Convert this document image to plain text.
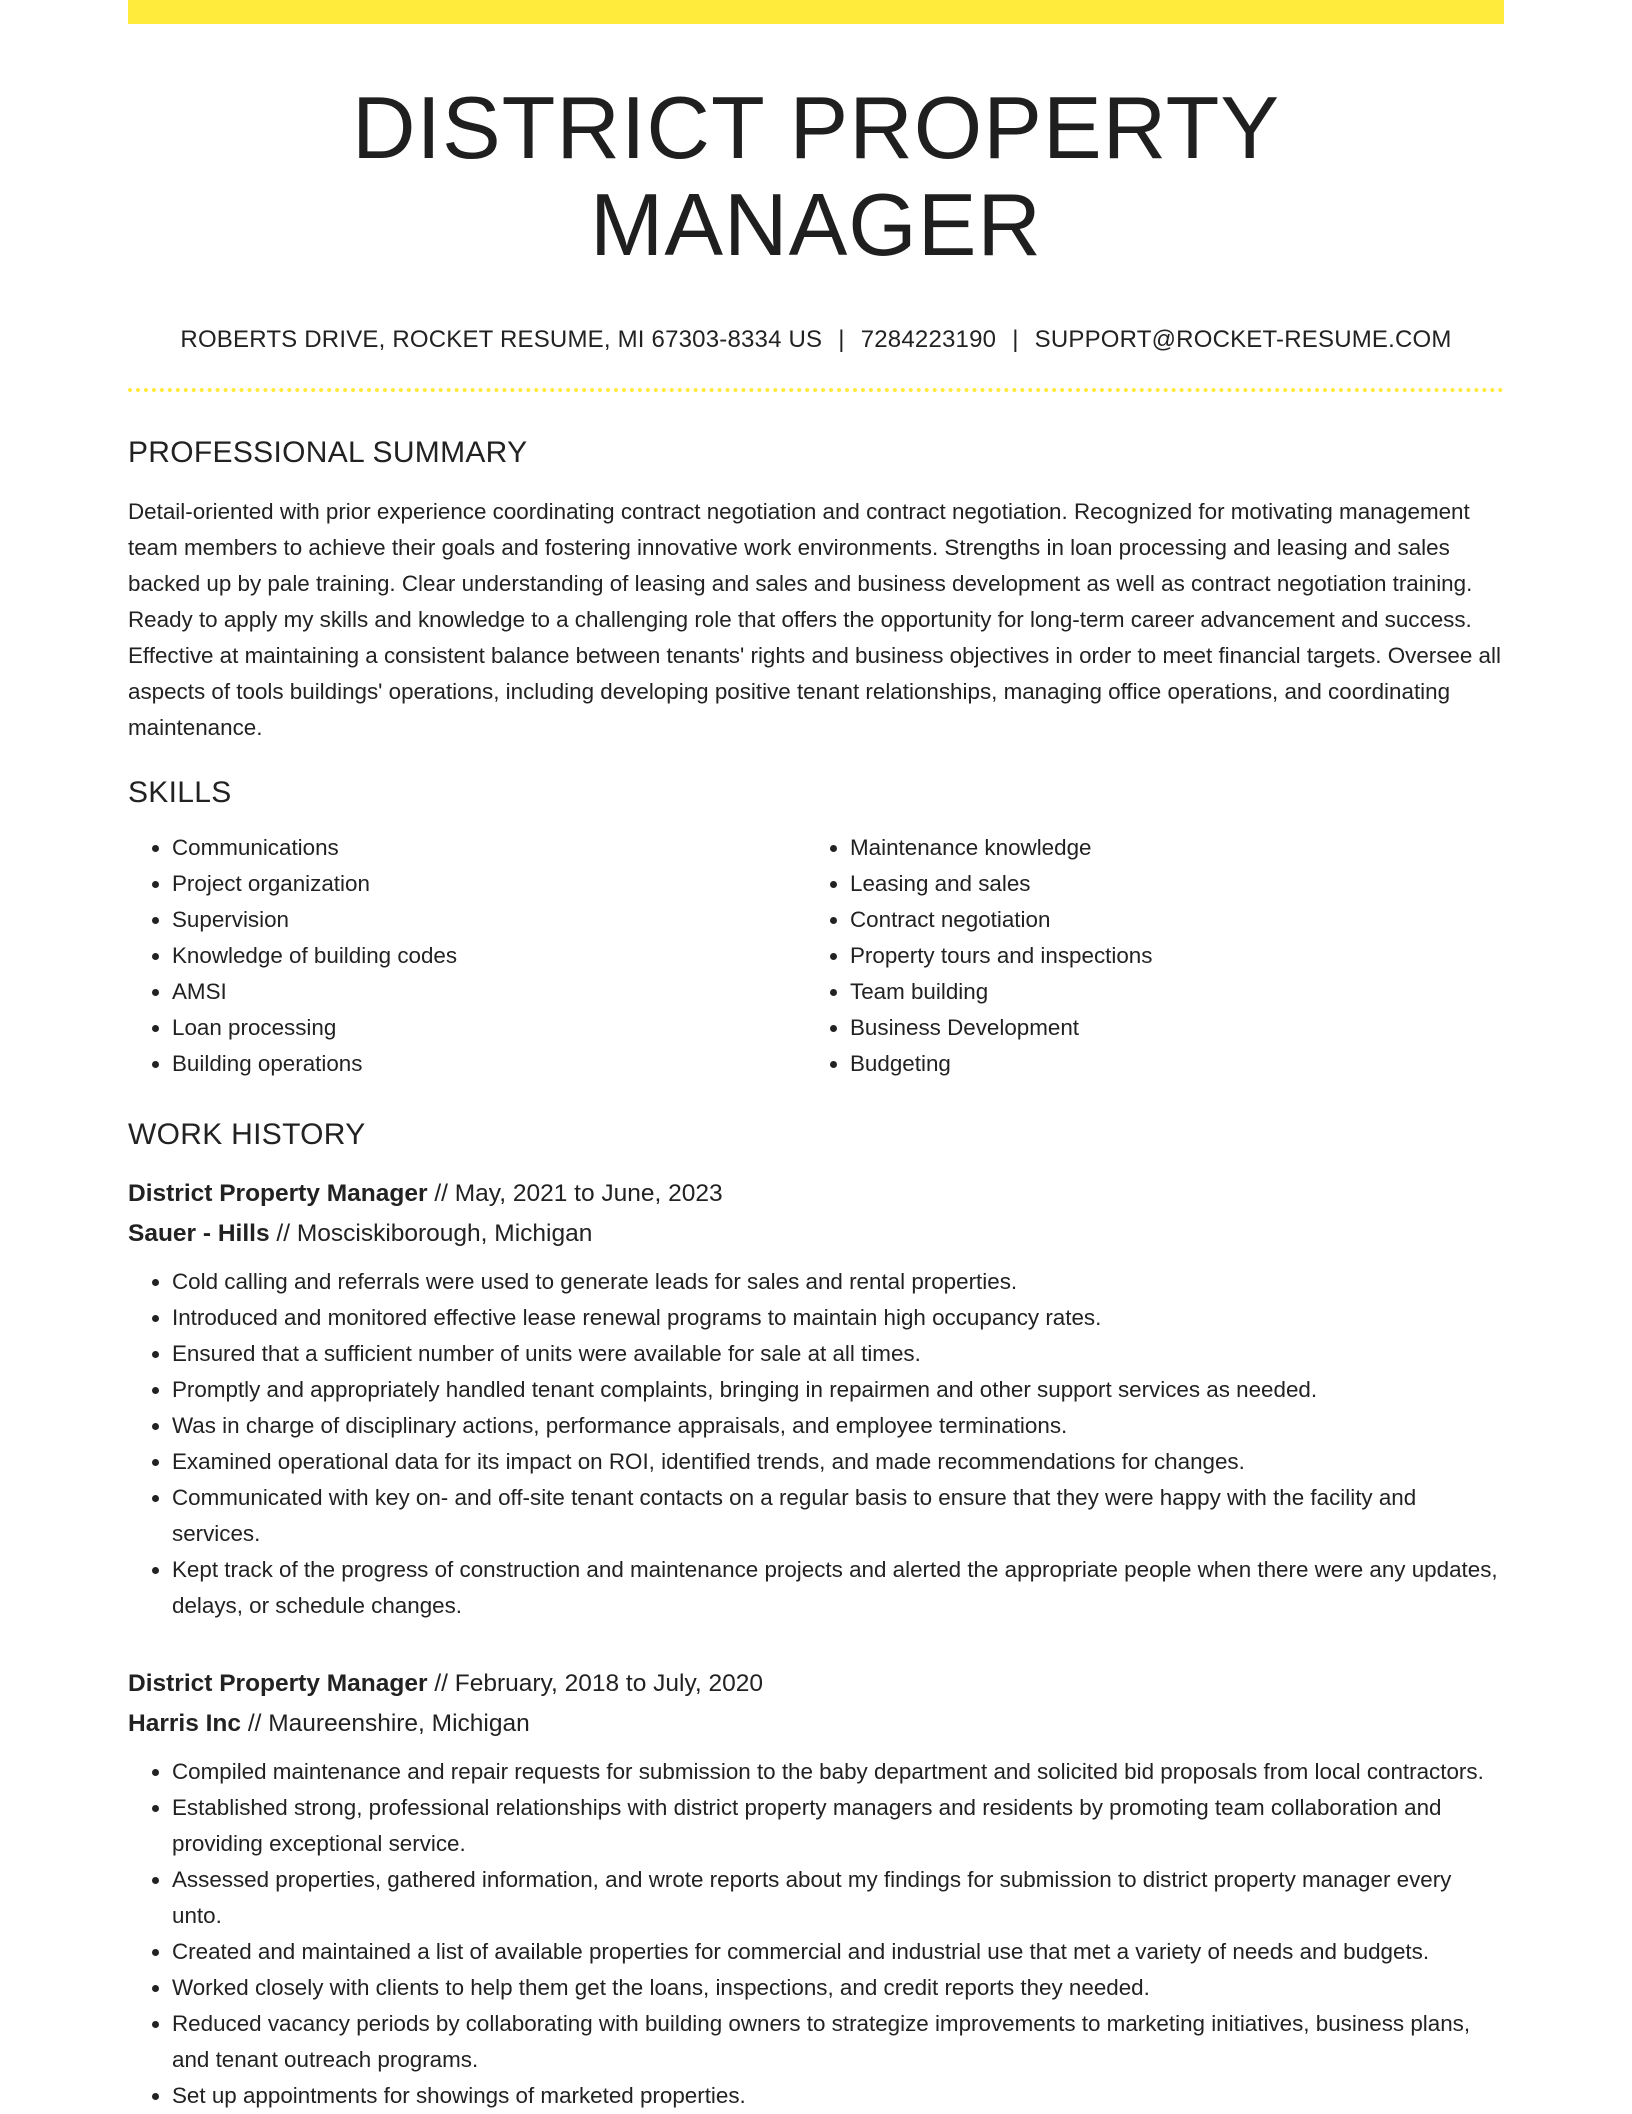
DISTRICT PROPERTY MANAGER
ROBERTS DRIVE, ROCKET RESUME, MI 67303-8334 US | 7284223190 | SUPPORT@ROCKET-RESUME.COM
PROFESSIONAL SUMMARY

Detail-oriented with prior experience coordinating contract negotiation and contract negotiation. Recognized for motivating management team members to achieve their goals and fostering innovative work environments. Strengths in loan processing and leasing and sales backed up by pale training. Clear understanding of leasing and sales and business development as well as contract negotiation training. Ready to apply my skills and knowledge to a challenging role that offers the opportunity for long-term career advancement and success. Effective at maintaining a consistent balance between tenants' rights and business objectives in order to meet financial targets. Oversee all aspects of tools buildings' operations, including developing positive tenant relationships, managing office operations, and coordinating maintenance.

SKILLS
• Communications
• Project organization
• Supervision
• Knowledge of building codes
• AMSI
• Loan processing
• Building operations
• Maintenance knowledge
• Leasing and sales
• Contract negotiation
• Property tours and inspections
• Team building
• Business Development
• Budgeting
WORK HISTORY
District Property Manager // May, 2021 to June, 2023
Sauer - Hills // Mosciskiborough, Michigan
• Cold calling and referrals were used to generate leads for sales and rental properties.
• Introduced and monitored effective lease renewal programs to maintain high occupancy rates.
• Ensured that a sufficient number of units were available for sale at all times.
• Promptly and appropriately handled tenant complaints, bringing in repairmen and other support services as needed.
• Was in charge of disciplinary actions, performance appraisals, and employee terminations.
• Examined operational data for its impact on ROI, identified trends, and made recommendations for changes.
• Communicated with key on- and off-site tenant contacts on a regular basis to ensure that they were happy with the facility and services.
• Kept track of the progress of construction and maintenance projects and alerted the appropriate people when there were any updates, delays, or schedule changes.
District Property Manager // February, 2018 to July, 2020
Harris Inc // Maureenshire, Michigan
• Compiled maintenance and repair requests for submission to the baby department and solicited bid proposals from local contractors.
• Established strong, professional relationships with district property managers and residents by promoting team collaboration and providing exceptional service.
• Assessed properties, gathered information, and wrote reports about my findings for submission to district property manager every unto.
• Created and maintained a list of available properties for commercial and industrial use that met a variety of needs and budgets.
• Worked closely with clients to help them get the loans, inspections, and credit reports they needed.
• Reduced vacancy periods by collaborating with building owners to strategize improvements to marketing initiatives, business plans, and tenant outreach programs.
• Set up appointments for showings of marketed properties.
